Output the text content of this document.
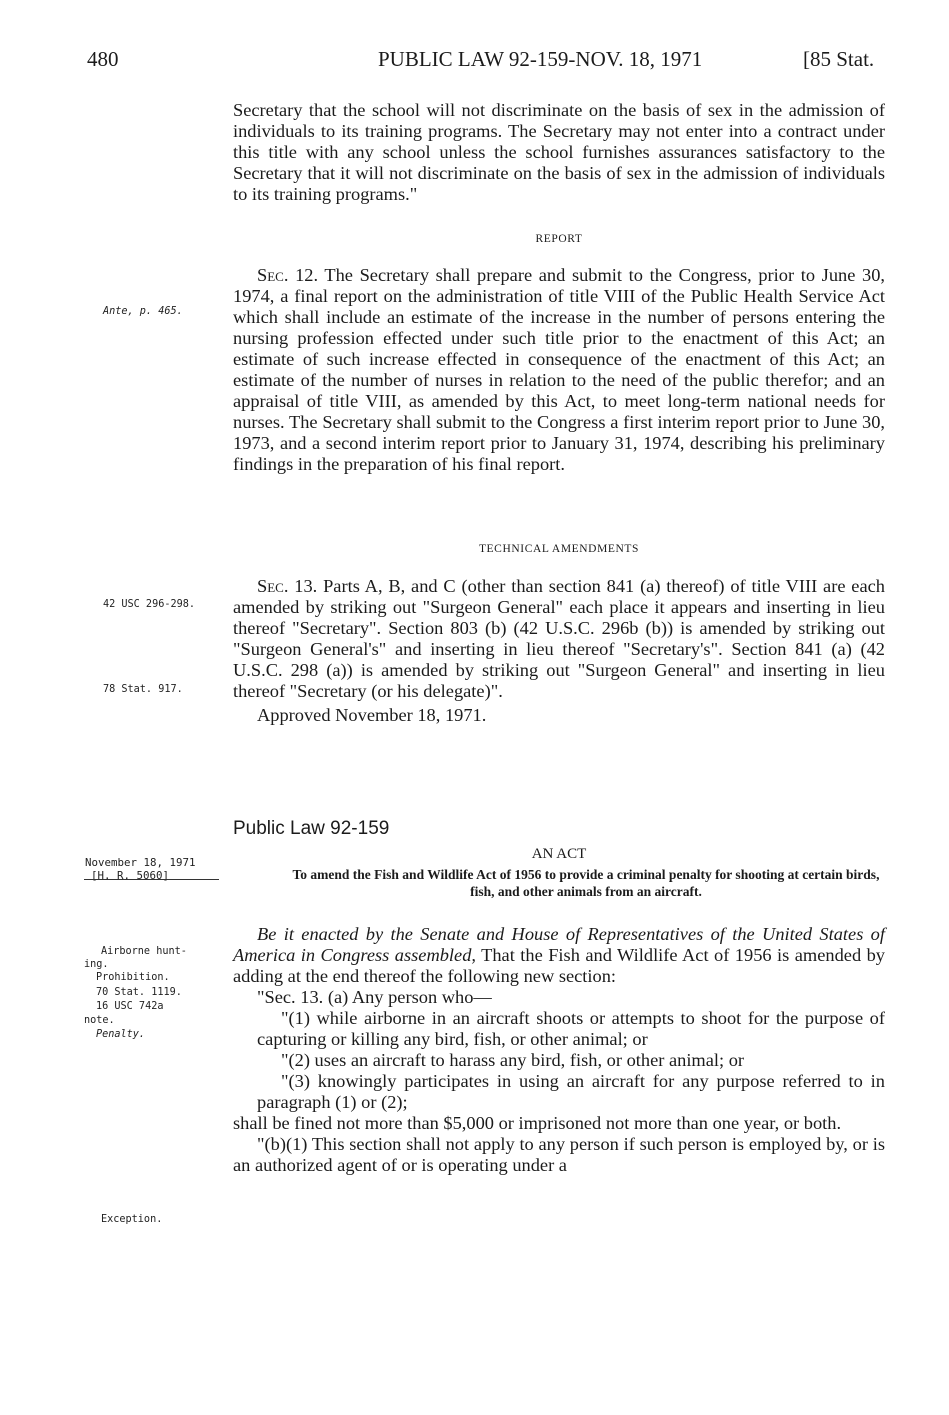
480	PUBLIC LAW 92-159-NOV. 18, 1971	[85 Stat.

Secretary that the school will not discriminate on the basis of sex in the admission of individuals to its training programs. The Secretary may not enter into a contract under this title with any school unless the school furnishes assurances satisfactory to the Secretary that it will not discriminate on the basis of sex in the admission of individuals to its training programs."

REPORT

Sec. 12. The Secretary shall prepare and submit to the Congress, prior to June 30, 1974, a final report on the administration of title VIII of the Public Health Service Act which shall include an estimate of the increase in the number of persons entering the nursing profession effected under such title prior to the enactment of this Act; an estimate of such increase effected in consequence of the enactment of this Act; an estimate of the number of nurses in relation to the need of the public therefor; and an appraisal of title VIII, as amended by this Act, to meet long-term national needs for nurses. The Secretary shall submit to the Congress a first interim report prior to June 30, 1973, and a second interim report prior to January 31, 1974, describing his preliminary findings in the preparation of his final report.

Ante, p. 465.
TECHNICAL AMENDMENTS

Sec. 13. Parts A, B, and C (other than section 841 (a) thereof) of title VIII are each amended by striking out "Surgeon General" each place it appears and inserting in lieu thereof "Secretary". Section 803 (b) (42 U.S.C. 296b (b)) is amended by striking out "Surgeon General's" and inserting in lieu thereof "Secretary's". Section 841 (a) (42 U.S.C. 298 (a)) is amended by striking out "Surgeon General" and inserting in lieu thereof "Secretary (or his delegate)".

Approved November 18, 1971.

42 USC 296-298.
78 Stat. 917.
Public Law 92-159
AN ACT
To amend the Fish and Wildlife Act of 1956 to provide a criminal penalty for shooting at certain birds, fish, and other animals from an aircraft.
November 18, 1971
[H. R. 5060]

Be it enacted by the Senate and House of Representatives of the United States of America in Congress assembled, That the Fish and Wildlife Act of 1956 is amended by adding at the end thereof the following new section:

"Sec. 13. (a) Any person who—

"(1) while airborne in an aircraft shoots or attempts to shoot for the purpose of capturing or killing any bird, fish, or other animal; or

"(2) uses an aircraft to harass any bird, fish, or other animal; or

"(3) knowingly participates in using an aircraft for any purpose referred to in paragraph (1) or (2);

shall be fined not more than $5,000 or imprisoned not more than one year, or both.

"(b)(1) This section shall not apply to any person if such person is employed by, or is an authorized agent of or is operating under a

Airborne hunt-
ing.
Prohibition.
70 Stat. 1119.
16 USC 742a
note.
Penalty.
Exception.
